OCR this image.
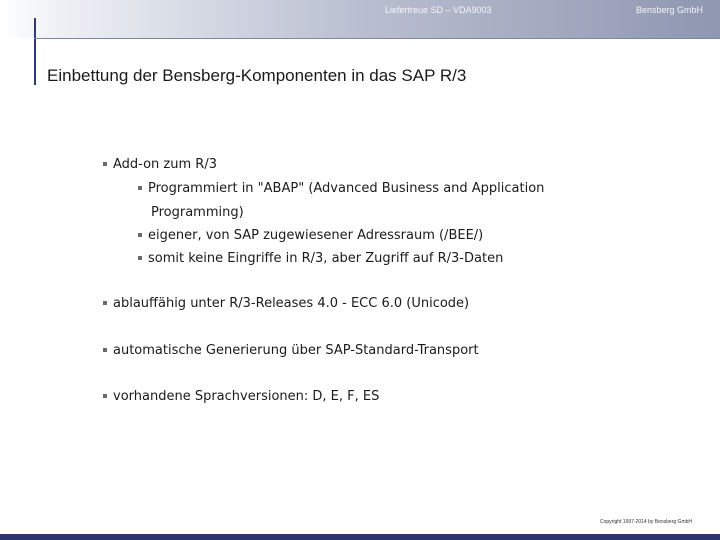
Liefertreue SD – VDA9003	Bensberg GmbH
Einbettung der Bensberg-Komponenten in das SAP R/3
Add-on zum R/3
Programmiert in "ABAP" (Advanced Business and Application
Programming)
eigener, von SAP zugewiesener Adressraum (/BEE/)
somit keine Eingriffe in R/3, aber Zugriff auf R/3-Daten
ablauffähig unter R/3-Releases 4.0 - ECC 6.0 (Unicode)
automatische Generierung über SAP-Standard-Transport
vorhandene Sprachversionen: D, E, F, ES
Copyright 1997-2014 by Bensberg GmbH
